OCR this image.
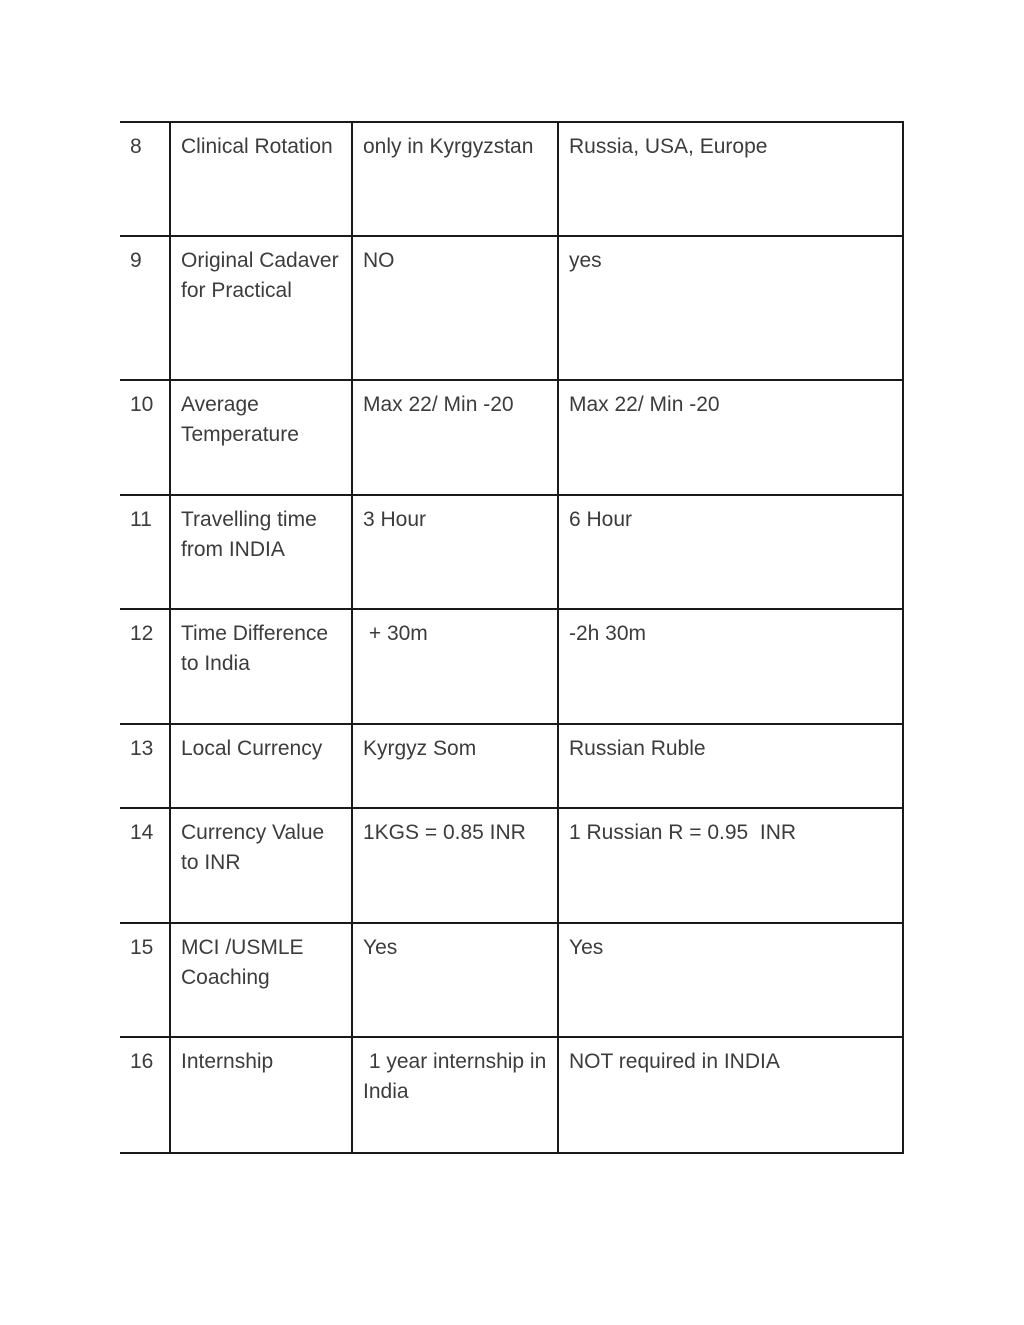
8	Clinical Rotation	only in Kyrgyzstan	Russia, USA, Europe
9	Original Cadaver for Practical	NO	yes
10	Average Temperature	Max 22/ Min -20	Max 22/ Min -20
11	Travelling time from INDIA	3 Hour	6 Hour
12	Time Difference to India	+ 30m	-2h 30m
13	Local Currency	Kyrgyz Som	Russian Ruble
14	Currency Value to INR	1KGS = 0.85 INR	1 Russian R = 0.95  INR
15	MCI /USMLE Coaching	Yes	Yes
16	Internship	1 year internship in India	NOT required in INDIA
